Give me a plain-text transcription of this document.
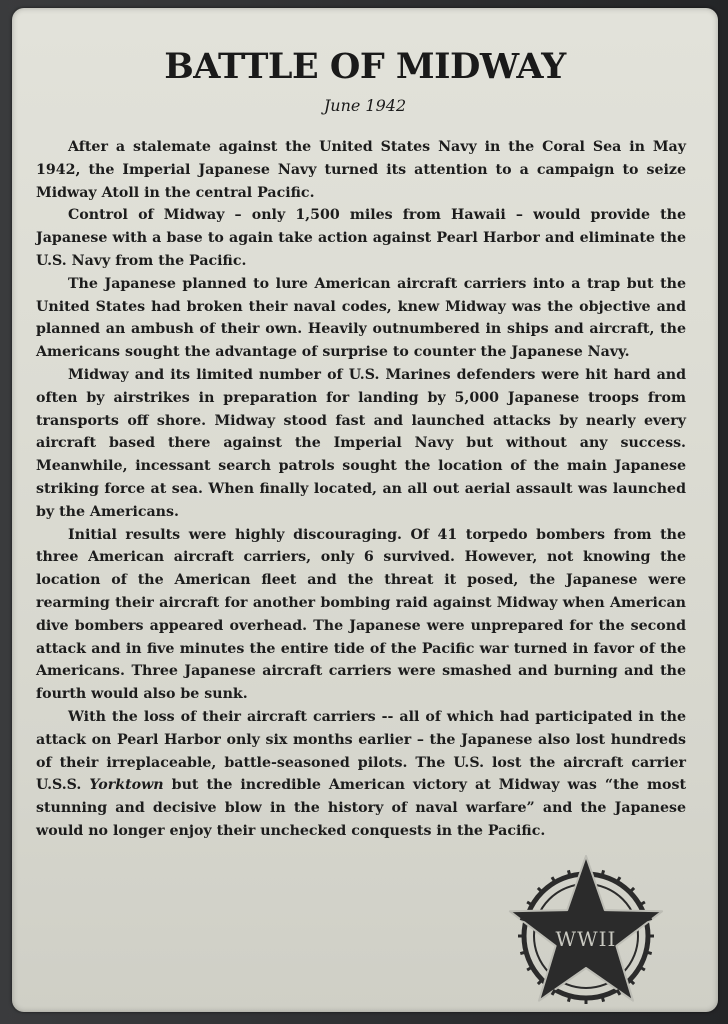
BATTLE OF MIDWAY
June 1942

After a stalemate against the United States Navy in the Coral Sea in May 1942, the Imperial Japanese Navy turned its attention to a campaign to seize Midway Atoll in the central Pacific.

Control of Midway – only 1,500 miles from Hawaii – would provide the Japanese with a base to again take action against Pearl Harbor and eliminate the U.S. Navy from the Pacific.

The Japanese planned to lure American aircraft carriers into a trap but the United States had broken their naval codes, knew Midway was the objective and planned an ambush of their own. Heavily outnumbered in ships and aircraft, the Americans sought the advantage of surprise to counter the Japanese Navy.

Midway and its limited number of U.S. Marines defenders were hit hard and often by airstrikes in preparation for landing by 5,000 Japanese troops from transports off shore. Midway stood fast and launched attacks by nearly every aircraft based there against the Imperial Navy but without any success. Meanwhile, incessant search patrols sought the location of the main Japanese striking force at sea. When finally located, an all out aerial assault was launched by the Americans.

Initial results were highly discouraging. Of 41 torpedo bombers from the three American aircraft carriers, only 6 survived. However, not knowing the location of the American fleet and the threat it posed, the Japanese were rearming their aircraft for another bombing raid against Midway when American dive bombers appeared overhead. The Japanese were unprepared for the second attack and in five minutes the entire tide of the Pacific war turned in favor of the Americans. Three Japanese aircraft carriers were smashed and burning and the fourth would also be sunk.

With the loss of their aircraft carriers -- all of which had participated in the attack on Pearl Harbor only six months earlier – the Japanese also lost hundreds of their irreplaceable, battle-seasoned pilots. The U.S. lost the aircraft carrier U.S.S. Yorktown but the incredible American victory at Midway was “the most stunning and decisive blow in the history of naval warfare” and the Japanese would no longer enjoy their unchecked conquests in the Pacific.

WWII
